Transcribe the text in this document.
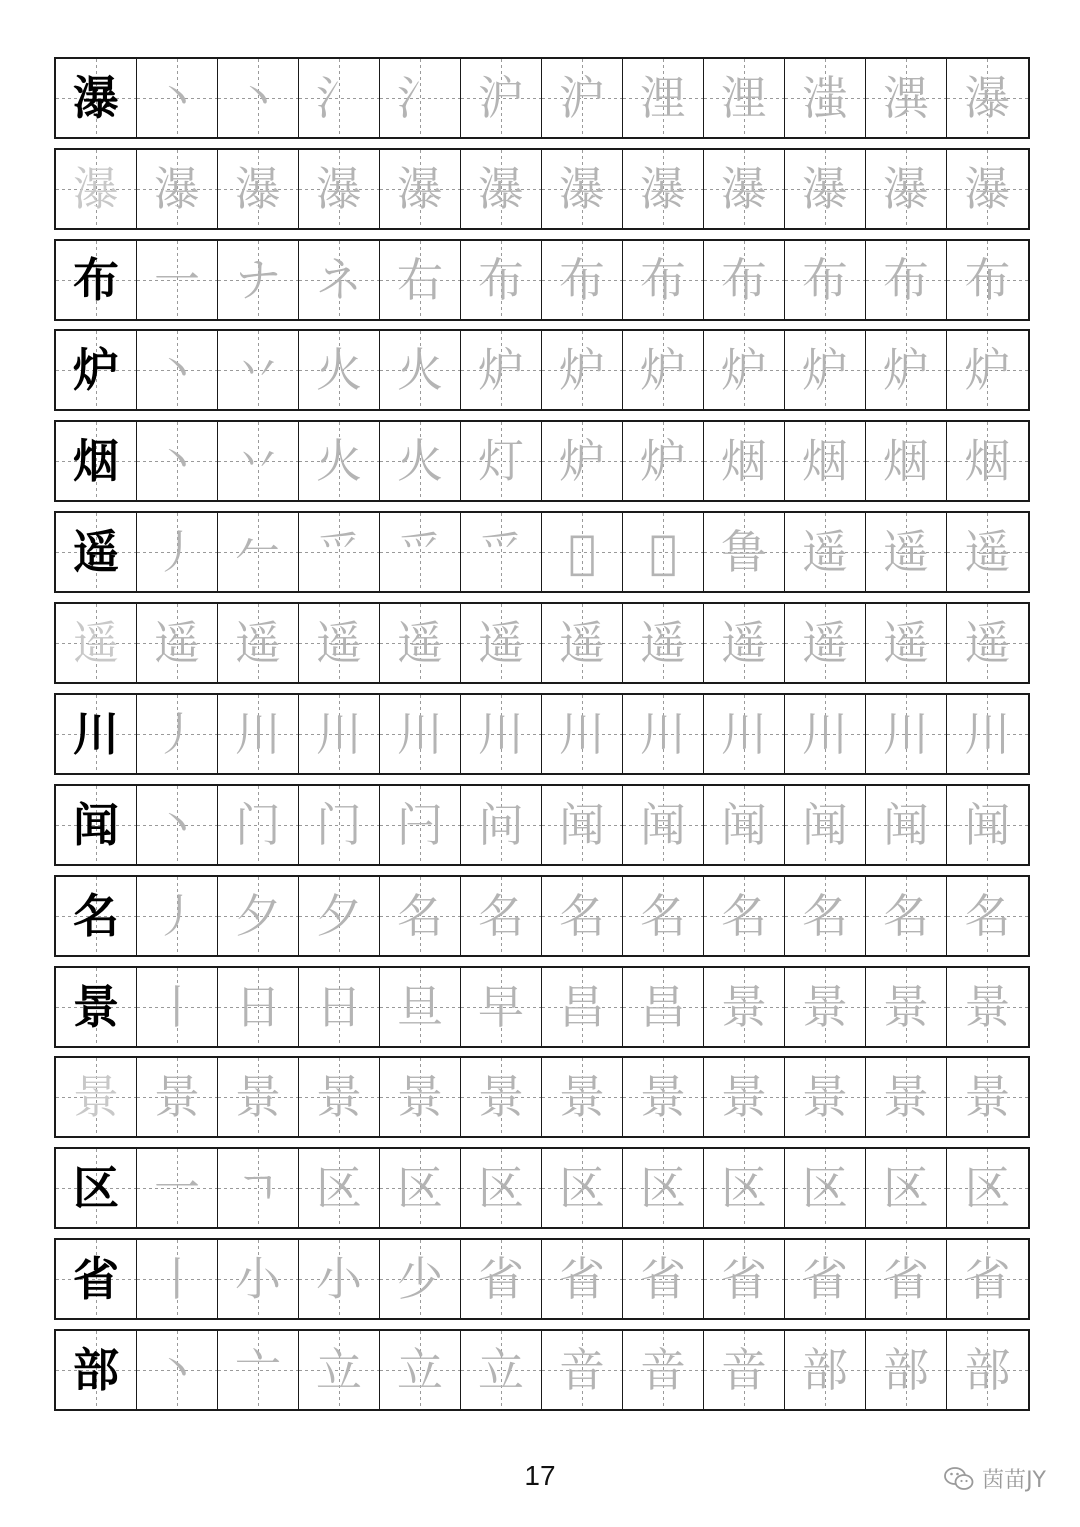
瀑 丶 丶 氵 氵 沪 沪 浬 浬 滍 潩 瀑
瀑 瀑 瀑 瀑 瀑 瀑 瀑 瀑 瀑 瀑 瀑 瀑
布 一 ナ ネ 右 布 布 布 布 布 布 布
炉 丶 丷 火 火 炉 炉 炉 炉 炉 炉 炉
烟 丶 丷 火 火 灯 炉 炉 烟 烟 烟 烟
遥 丿 𠂉 爫 爫 爫 𤓰	𤓰 鲁 遥 遥 遥
遥 遥 遥 遥 遥 遥 遥 遥 遥 遥 遥 遥
川 丿 川 川 川 川 川 川 川 川 川 川
闻 丶 门 门 闩 问 闻 闻 闻 闻 闻 闻
名 丿 夕 夕 名 名 名 名 名 名 名 名
景 丨 日 日 旦 早 昌 昌 景 景 景 景
景 景 景 景 景 景 景 景 景 景 景 景
区 一 ㄱ 区 区 区 区 区 区 区 区 区
省 丨 小 小 少 省 省 省 省 省 省 省
部 丶 亠 立 立 立 音 音 音 部 部 部
17	茵苗JY
